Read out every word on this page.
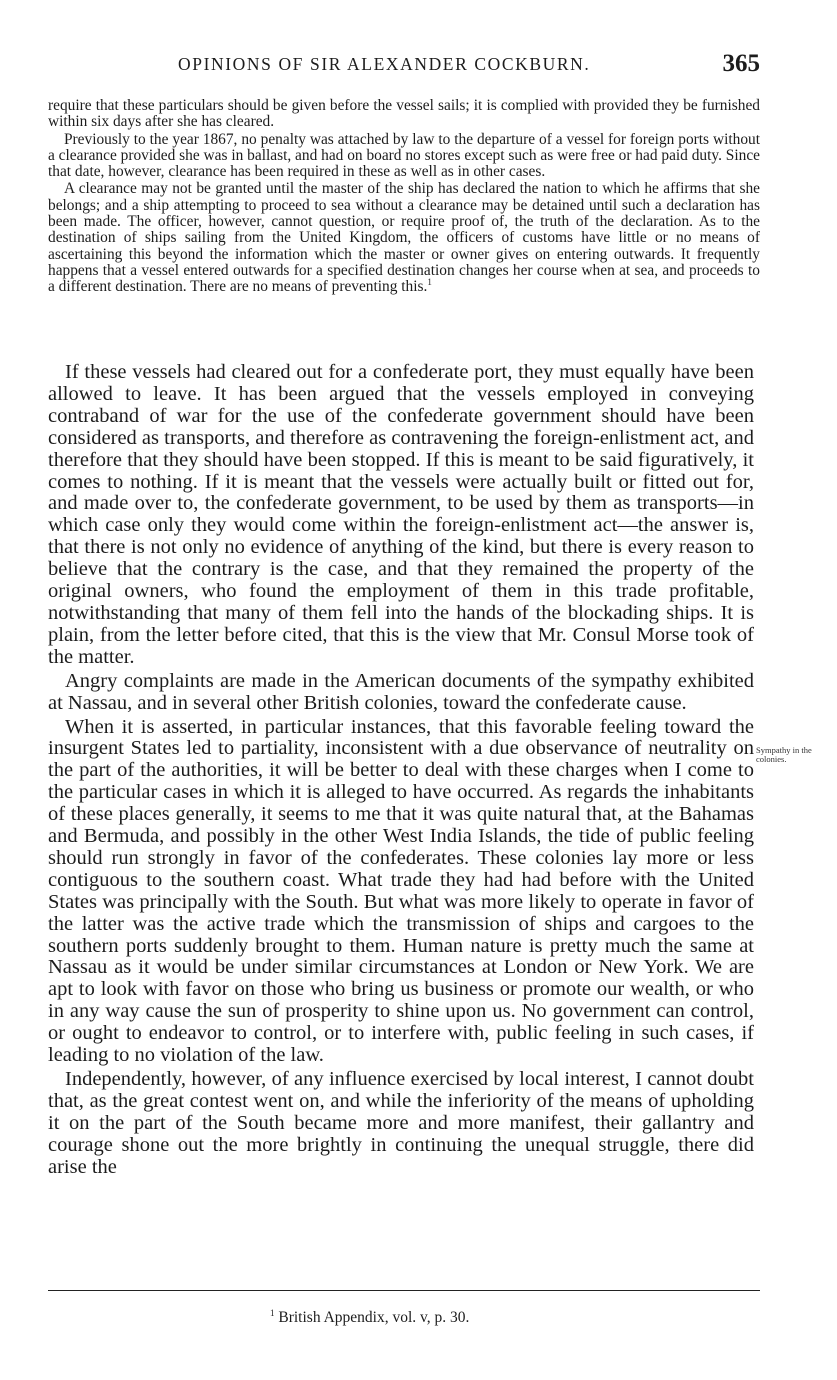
OPINIONS OF SIR ALEXANDER COCKBURN.	365

require that these particulars should be given before the vessel sails; it is complied with provided they be furnished within six days after she has cleared.

Previously to the year 1867, no penalty was attached by law to the departure of a vessel for foreign ports without a clearance provided she was in ballast, and had on board no stores except such as were free or had paid duty. Since that date, however, clearance has been required in these as well as in other cases.

A clearance may not be granted until the master of the ship has declared the nation to which he affirms that she belongs; and a ship attempting to proceed to sea without a clearance may be detained until such a declaration has been made. The officer, however, cannot question, or require proof of, the truth of the declaration. As to the destination of ships sailing from the United Kingdom, the officers of customs have little or no means of ascertaining this beyond the information which the master or owner gives on entering outwards. It frequently happens that a vessel entered outwards for a specified destination changes her course when at sea, and proceeds to a different destination. There are no means of preventing this.$^1$

If these vessels had cleared out for a confederate port, they must equally have been allowed to leave. It has been argued that the vessels employed in conveying contraband of war for the use of the confederate government should have been considered as transports, and therefore as contravening the foreign-enlistment act, and therefore that they should have been stopped. If this is meant to be said figuratively, it comes to nothing. If it is meant that the vessels were actually built or fitted out for, and made over to, the confederate government, to be used by them as transports—in which case only they would come within the foreign-enlistment act—the answer is, that there is not only no evidence of anything of the kind, but there is every reason to believe that the contrary is the case, and that they remained the property of the original owners, who found the employment of them in this trade profitable, notwithstanding that many of them fell into the hands of the blockading ships. It is plain, from the letter before cited, that this is the view that Mr. Consul Morse took of the matter.

Angry complaints are made in the American documents of the sympathy exhibited at Nassau, and in several other British colonies, toward the confederate cause.

When it is asserted, in particular instances, that this favorable feeling toward the insurgent States led to partiality, inconsistent with a due observance of neutrality on the part of the authorities, it will be better to deal with these charges when I come to the particular cases in which it is alleged to have occurred. As regards the inhabitants of these places generally, it seems to me that it was quite natural that, at the Bahamas and Bermuda, and possibly in the other West India Islands, the tide of public feeling should run strongly in favor of the confederates. These colonies lay more or less contiguous to the southern coast. What trade they had had before with the United States was principally with the South. But what was more likely to operate in favor of the latter was the active trade which the transmission of ships and cargoes to the southern ports suddenly brought to them. Human nature is pretty much the same at Nassau as it would be under similar circumstances at London or New York. We are apt to look with favor on those who bring us business or promote our wealth, or who in any way cause the sun of prosperity to shine upon us. No government can control, or ought to endeavor to control, or to interfere with, public feeling in such cases, if leading to no violation of the law.

Independently, however, of any influence exercised by local interest, I cannot doubt that, as the great contest went on, and while the inferiority of the means of upholding it on the part of the South became more and more manifest, their gallantry and courage shone out the more brightly in continuing the unequal struggle, there did arise the

Sympathy in the colonies.
$^1$ British Appendix, vol. v, p. 30.
